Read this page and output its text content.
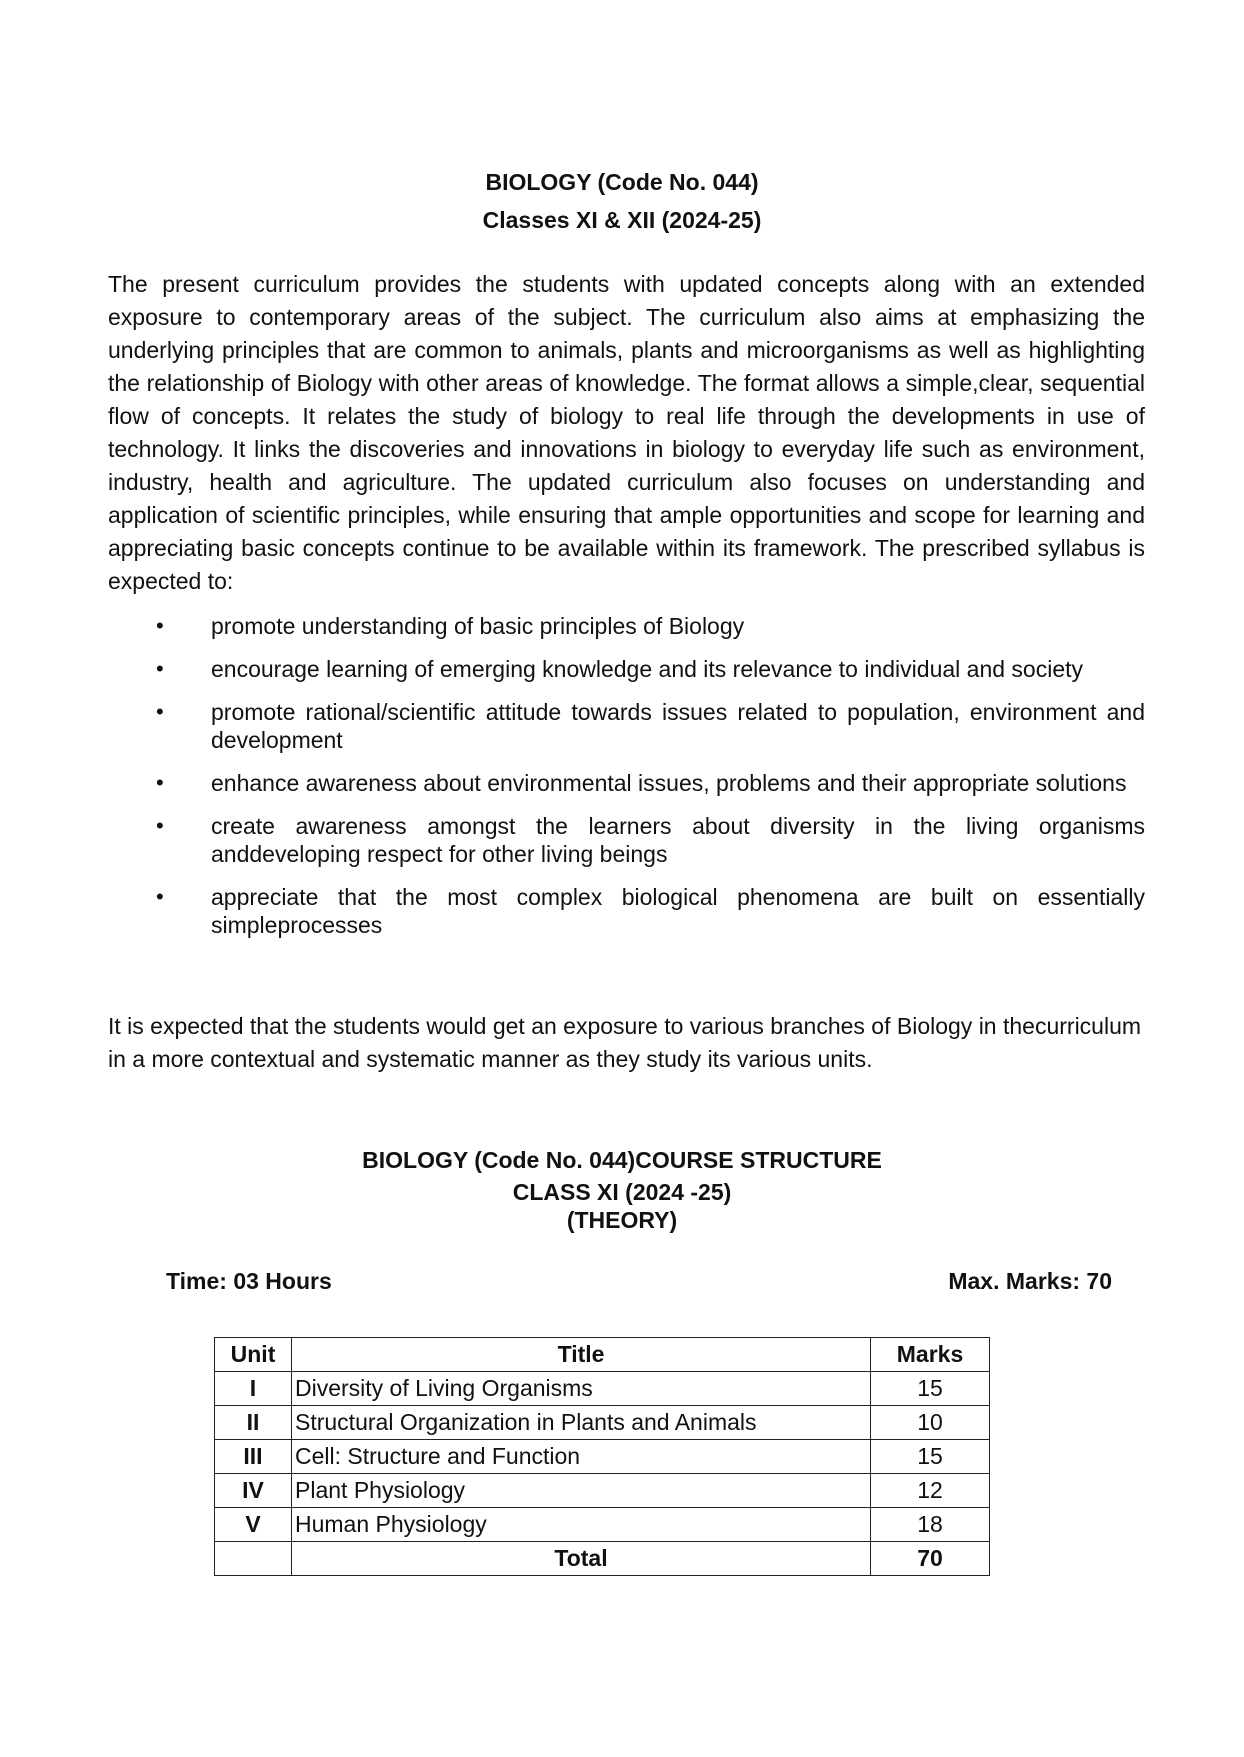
BIOLOGY (Code No. 044)
Classes XI & XII (2024-25)
The present curriculum provides the students with updated concepts along with an extended exposure to contemporary areas of the subject. The curriculum also aims at emphasizing the underlying principles that are common to animals, plants and microorganisms as well as highlighting the relationship of Biology with other areas of knowledge. The format allows a simple,clear, sequential flow of concepts. It relates the study of biology to real life through the developments in use of technology. It links the discoveries and innovations in biology to everyday life such as environment, industry, health and agriculture. The updated curriculum also focuses on understanding and application of scientific principles, while ensuring that ample opportunities and scope for learning and appreciating basic concepts continue to be available within its framework. The prescribed syllabus is expected to:
• promote understanding of basic principles of Biology
• encourage learning of emerging knowledge and its relevance to individual and society
• promote rational/scientific attitude towards issues related to population, environment and development
• enhance awareness about environmental issues, problems and their appropriate solutions
• create awareness amongst the learners about diversity in the living organisms anddeveloping respect for other living beings
• appreciate that the most complex biological phenomena are built on essentially simpleprocesses
It is expected that the students would get an exposure to various branches of Biology in thecurriculum in a more contextual and systematic manner as they study its various units.
BIOLOGY (Code No. 044)COURSE STRUCTURE
CLASS XI (2024 -25)
(THEORY)
Time: 03 Hours	Max. Marks: 70
Unit	Title	Marks
I	Diversity of Living Organisms	15
II	Structural Organization in Plants and Animals	10
III	Cell: Structure and Function	15
IV	Plant Physiology	12
V	Human Physiology	18
	Total	70
